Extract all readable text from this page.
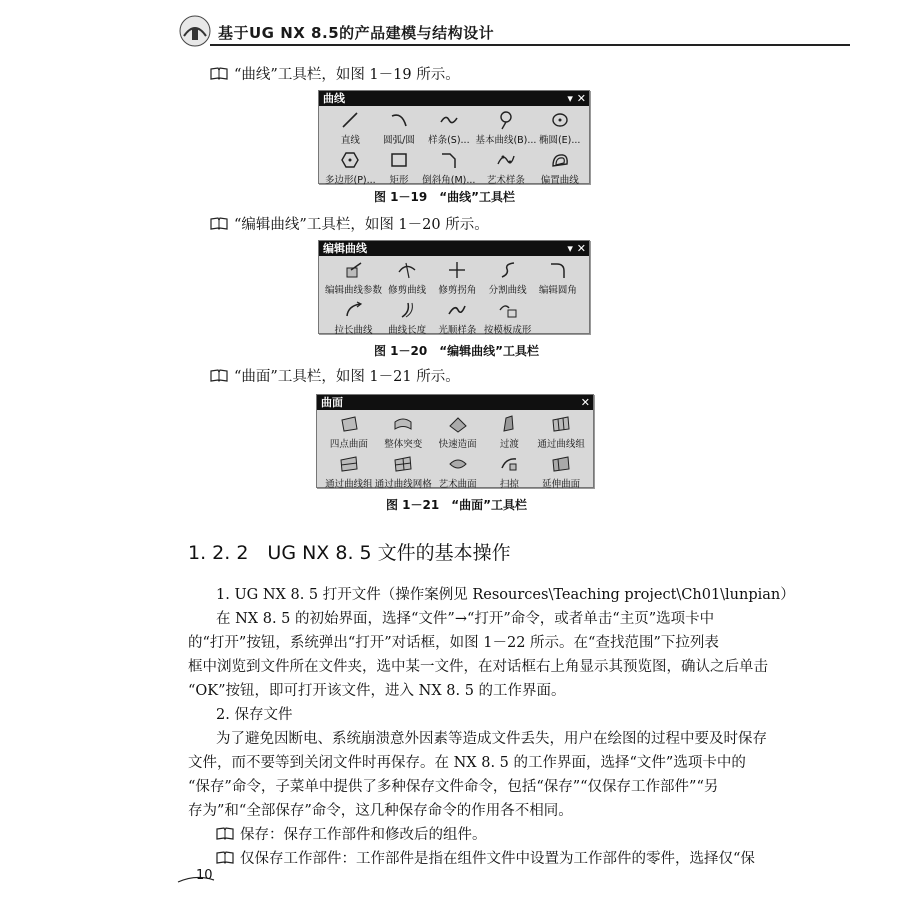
基于UG NX 8.5的产品建模与结构设计
“曲线”工具栏，如图 1－19 所示。
曲线	▾ ✕
直线 圆弧/圆 样条(S)... 基本曲线(B)... 椭圆(E)...
多边形(P)... 矩形 倒斜角(M)... 艺术样条 偏置曲线
图 1－19　“曲线”工具栏
“编辑曲线”工具栏，如图 1－20 所示。
编辑曲线	▾ ✕
编辑曲线参数 修剪曲线 修剪拐角 分割曲线 编辑圆角
拉长曲线 曲线长度 光顺样条 按模板成形
图 1－20　“编辑曲线”工具栏
“曲面”工具栏，如图 1－21 所示。
曲面	✕
四点曲面 整体突变 快速造面 过渡 通过曲线组
通过曲线组 通过曲线网格 艺术曲面 扫掠 延伸曲面
图 1－21　“曲面”工具栏
1. 2. 2　UG NX 8. 5 文件的基本操作
1. UG NX 8. 5 打开文件（操作案例见 Resources\Teaching project\Ch01\lunpian）
在 NX 8. 5 的初始界面，选择“文件”→“打开”命令，或者单击“主页”选项卡中
的“打开”按钮，系统弹出“打开”对话框，如图 1－22 所示。在“查找范围”下拉列表
框中浏览到文件所在文件夹，选中某一文件，在对话框右上角显示其预览图，确认之后单击
“OK”按钮，即可打开该文件，进入 NX 8. 5 的工作界面。
2. 保存文件
为了避免因断电、系统崩溃意外因素等造成文件丢失，用户在绘图的过程中要及时保存
文件，而不要等到关闭文件时再保存。在 NX 8. 5 的工作界面，选择“文件”选项卡中的
“保存”命令，子菜单中提供了多种保存文件命令，包括“保存”“仅保存工作部件”“另
存为”和“全部保存”命令，这几种保存命令的作用各不相同。
保存：保存工作部件和修改后的组件。
仅保存工作部件：工作部件是指在组件文件中设置为工作部件的零件，选择仅“保
10
